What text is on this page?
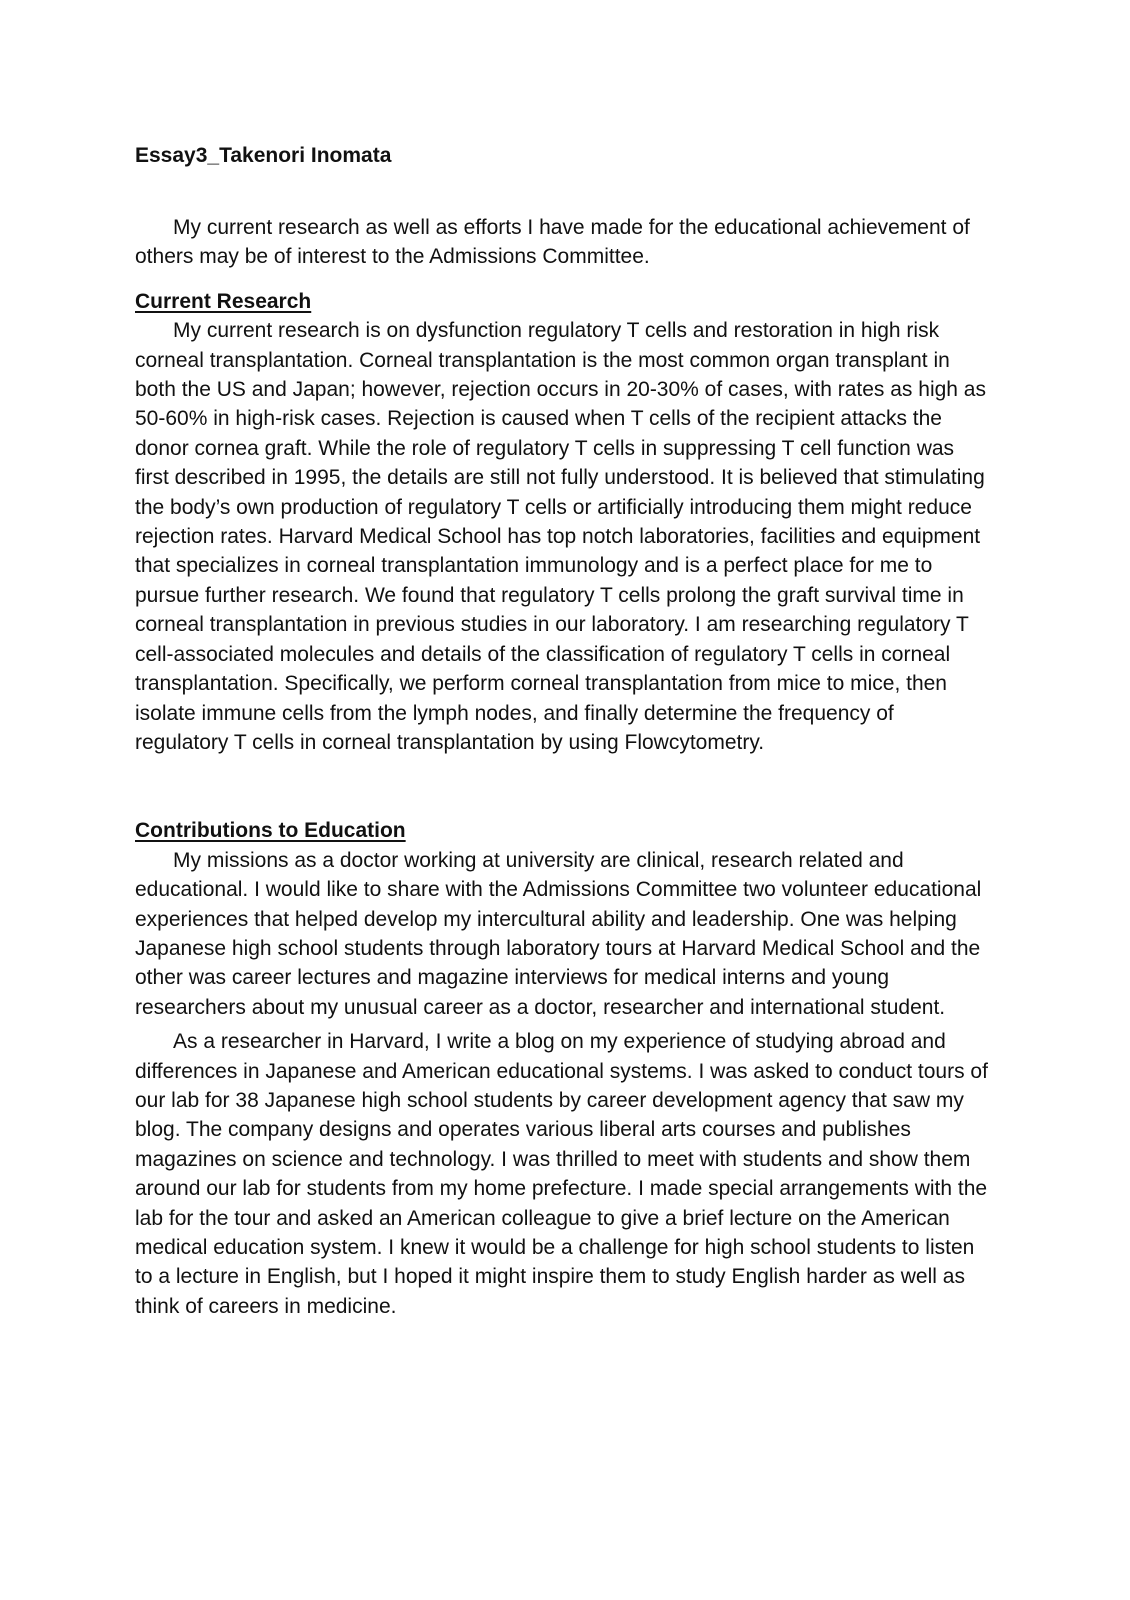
Essay3_Takenori Inomata

My current research as well as efforts I have made for the educational achievement of others may be of interest to the Admissions Committee.

Current Research

My current research is on dysfunction regulatory T cells and restoration in high risk corneal transplantation. Corneal transplantation is the most common organ transplant in both the US and Japan; however, rejection occurs in 20-30% of cases, with rates as high as 50-60% in high-risk cases. Rejection is caused when T cells of the recipient attacks the donor cornea graft. While the role of regulatory T cells in suppressing T cell function was first described in 1995, the details are still not fully understood. It is believed that stimulating the body’s own production of regulatory T cells or artificially introducing them might reduce rejection rates. Harvard Medical School has top notch laboratories, facilities and equipment that specializes in corneal transplantation immunology and is a perfect place for me to pursue further research. We found that regulatory T cells prolong the graft survival time in corneal transplantation in previous studies in our laboratory. I am researching regulatory T cell-associated molecules and details of the classification of regulatory T cells in corneal transplantation. Specifically, we perform corneal transplantation from mice to mice, then isolate immune cells from the lymph nodes, and finally determine the frequency of regulatory T cells in corneal transplantation by using Flowcytometry.

Contributions to Education

My missions as a doctor working at university are clinical, research related and educational. I would like to share with the Admissions Committee two volunteer educational experiences that helped develop my intercultural ability and leadership. One was helping Japanese high school students through laboratory tours at Harvard Medical School and the other was career lectures and magazine interviews for medical interns and young researchers about my unusual career as a doctor, researcher and international student.

As a researcher in Harvard, I write a blog on my experience of studying abroad and differences in Japanese and American educational systems. I was asked to conduct tours of our lab for 38 Japanese high school students by career development agency that saw my blog. The company designs and operates various liberal arts courses and publishes magazines on science and technology. I was thrilled to meet with students and show them around our lab for students from my home prefecture. I made special arrangements with the lab for the tour and asked an American colleague to give a brief lecture on the American medical education system. I knew it would be a challenge for high school students to listen to a lecture in English, but I hoped it might inspire them to study English harder as well as think of careers in medicine.
